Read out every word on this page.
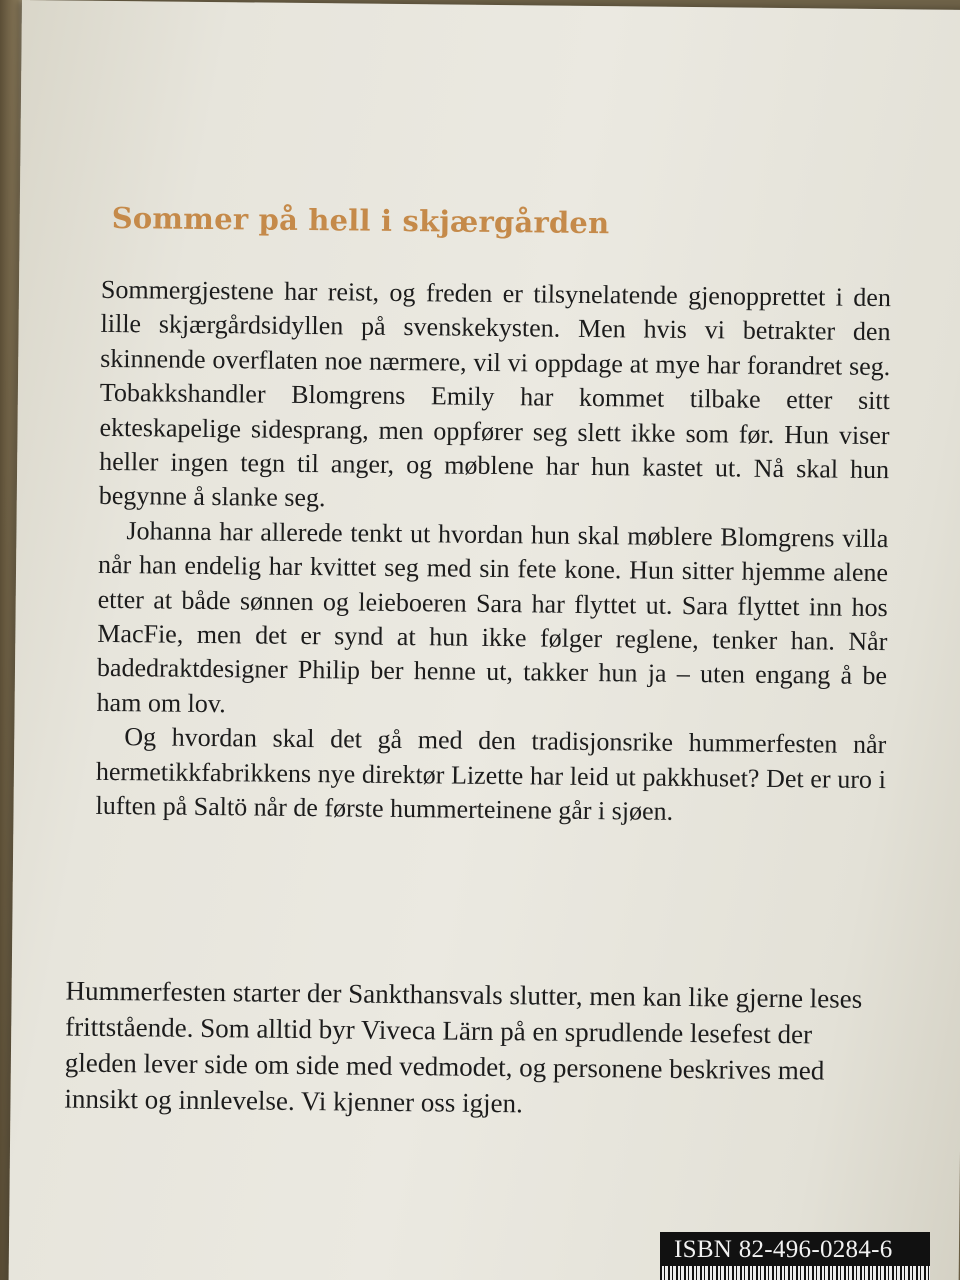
Sommer på hell i skjærgården

Sommergjestene har reist, og freden er tilsynelatende gjenopprettet i den lille skjærgårdsidyllen på svenskekysten. Men hvis vi betrakter den skinnende overflaten noe nærmere, vil vi oppdage at mye har forandret seg. Tobakkshandler Blomgrens Emily har kommet tilbake etter sitt ekteskapelige sidesprang, men oppfører seg slett ikke som før. Hun viser heller ingen tegn til anger, og møblene har hun kastet ut. Nå skal hun begynne å slanke seg.

Johanna har allerede tenkt ut hvordan hun skal møblere Blomgrens villa når han endelig har kvittet seg med sin fete kone. Hun sitter hjemme alene etter at både sønnen og leieboeren Sara har flyttet ut. Sara flyttet inn hos MacFie, men det er synd at hun ikke følger reglene, tenker han. Når badedraktdesigner Philip ber henne ut, takker hun ja – uten engang å be ham om lov.

Og hvordan skal det gå med den tradisjonsrike hummerfesten når hermetikkfabrikkens nye direktør Lizette har leid ut pakkhuset? Det er uro i luften på Saltö når de første hummerteinene går i sjøen.

Hummerfesten starter der Sankthansvals slutter, men kan like gjerne leses frittstående. Som alltid byr Viveca Lärn på en sprudlende lesefest der gleden lever side om side med vedmodet, og personene beskrives med innsikt og innlevelse. Vi kjenner oss igjen.

ISBN 82-496-0284-6
